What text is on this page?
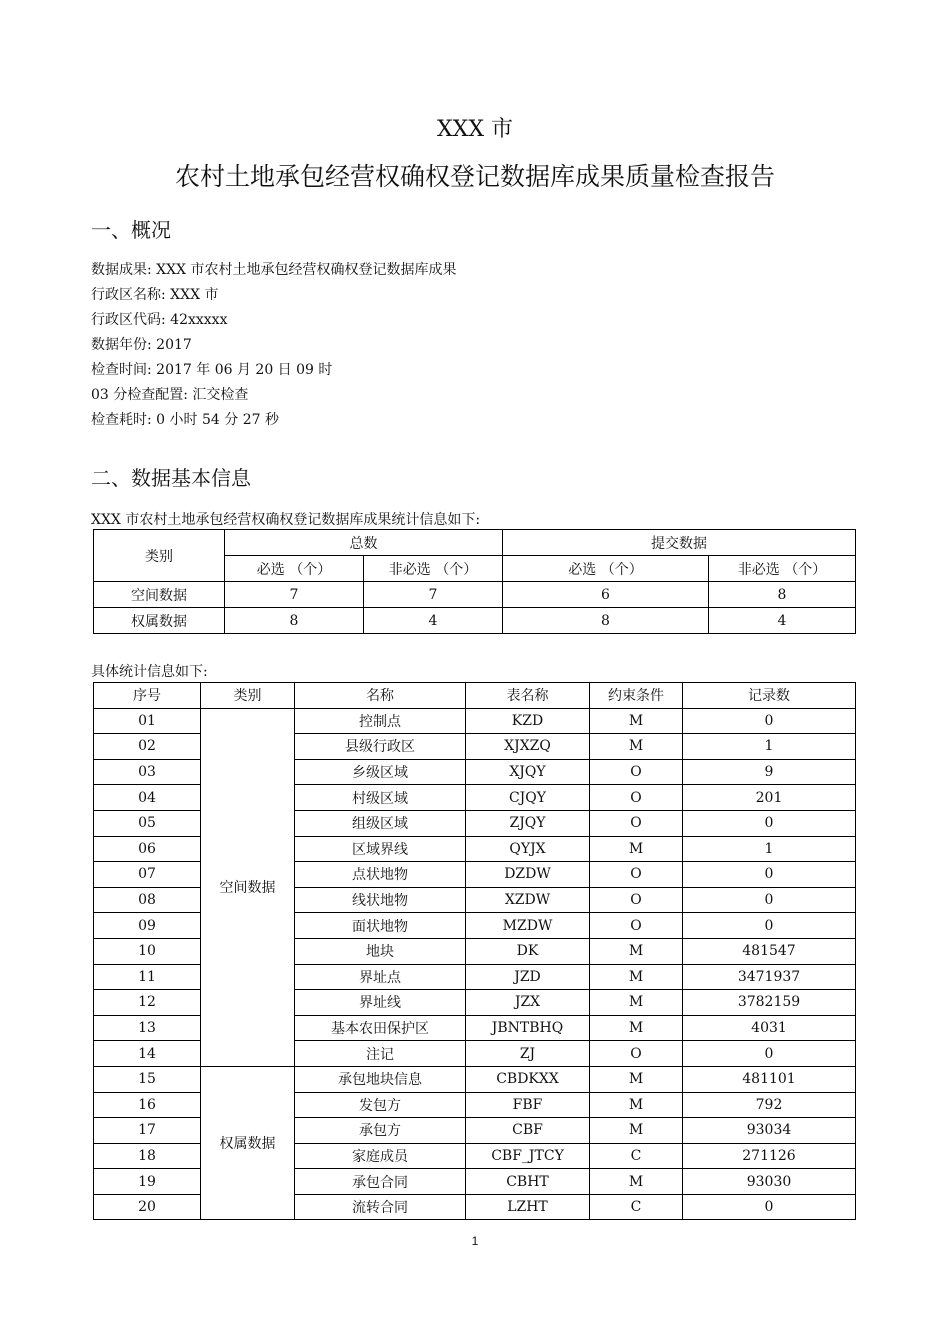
XXX 市
农村土地承包经营权确权登记数据库成果质量检查报告
一、概况
数据成果: XXX 市农村土地承包经营权确权登记数据库成果
行政区名称: XXX 市
行政区代码: 42xxxxx
数据年份: 2017
检查时间: 2017 年 06 月 20 日 09 时
03 分检查配置: 汇交检查
检查耗时: 0 小时 54 分 27 秒
二、数据基本信息
XXX 市农村土地承包经营权确权登记数据库成果统计信息如下:
类别	总数		提交数据	
	必选 （个）	非必选 （个）	必选 （个）	非必选 （个）
空间数据	7	7	6	8
权属数据	8	4	8	4
具体统计信息如下:
序号	类别	名称	表名称	约束条件	记录数
01	空间数据	控制点	KZD	M	0
02		县级行政区	XJXZQ	M	1
03		乡级区域	XJQY	O	9
04		村级区域	CJQY	O	201
05		组级区域	ZJQY	O	0
06		区域界线	QYJX	M	1
07		点状地物	DZDW	O	0
08		线状地物	XZDW	O	0
09		面状地物	MZDW	O	0
10		地块	DK	M	481547
11		界址点	JZD	M	3471937
12		界址线	JZX	M	3782159
13		基本农田保护区	JBNTBHQ	M	4031
14		注记	ZJ	O	0
15	权属数据	承包地块信息	CBDKXX	M	481101
16		发包方	FBF	M	792
17		承包方	CBF	M	93034
18		家庭成员	CBF_JTCY	C	271126
19		承包合同	CBHT	M	93030
20		流转合同	LZHT	C	0
1
